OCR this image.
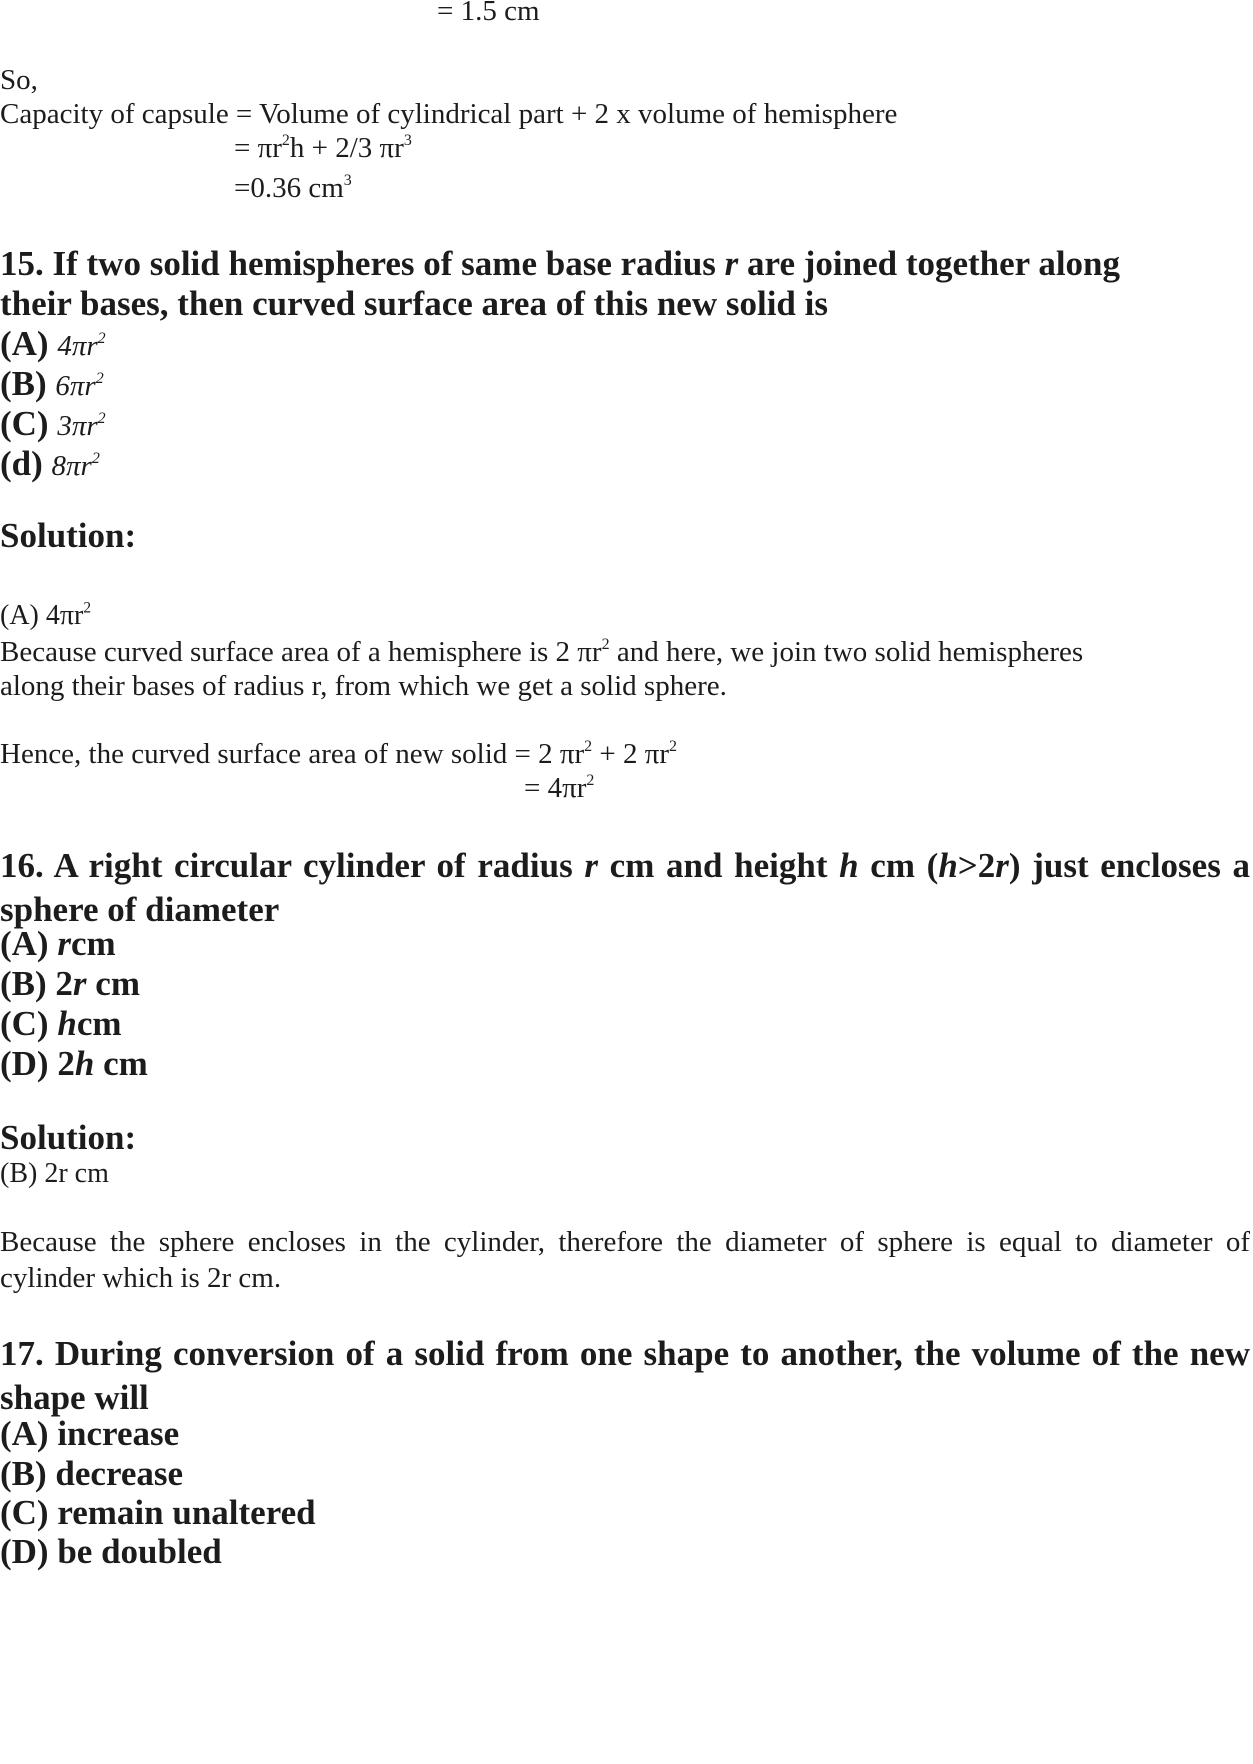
= 1.5 cm
So,
Capacity of capsule = Volume of cylindrical part + 2 x volume of hemisphere
= $\pi r^2h + 2/3$ $\pi r^3$
=0.36 $cm^3$
15. If two solid hemispheres of same base radius r are joined together along
their bases, then curved surface area of this new solid is
(A) $4\pi r^2$
(B) $6\pi r^2$
(C) $3\pi r^2$
(d) $8\pi r^2$
Solution:
(A) $4\pi r^2$
Because curved surface area of a hemisphere is 2 $\pi r^2$ and here, we join two solid hemispheres
along their bases of radius r, from which we get a solid sphere.
Hence, the curved surface area of new solid = 2 $\pi r^2 + 2$ $\pi r^2$
= $4\pi r^2$
16. A right circular cylinder of radius r cm and height h cm (h>2r) just encloses a sphere of diameter
(A) rcm
(B) 2r cm
(C) hcm
(D) 2h cm
Solution:
(B) 2r cm
Because the sphere encloses in the cylinder, therefore the diameter of sphere is equal to diameter of cylinder which is 2r cm.
17. During conversion of a solid from one shape to another, the volume of the new shape will
(A) increase
(B) decrease
(C) remain unaltered
(D) be doubled
